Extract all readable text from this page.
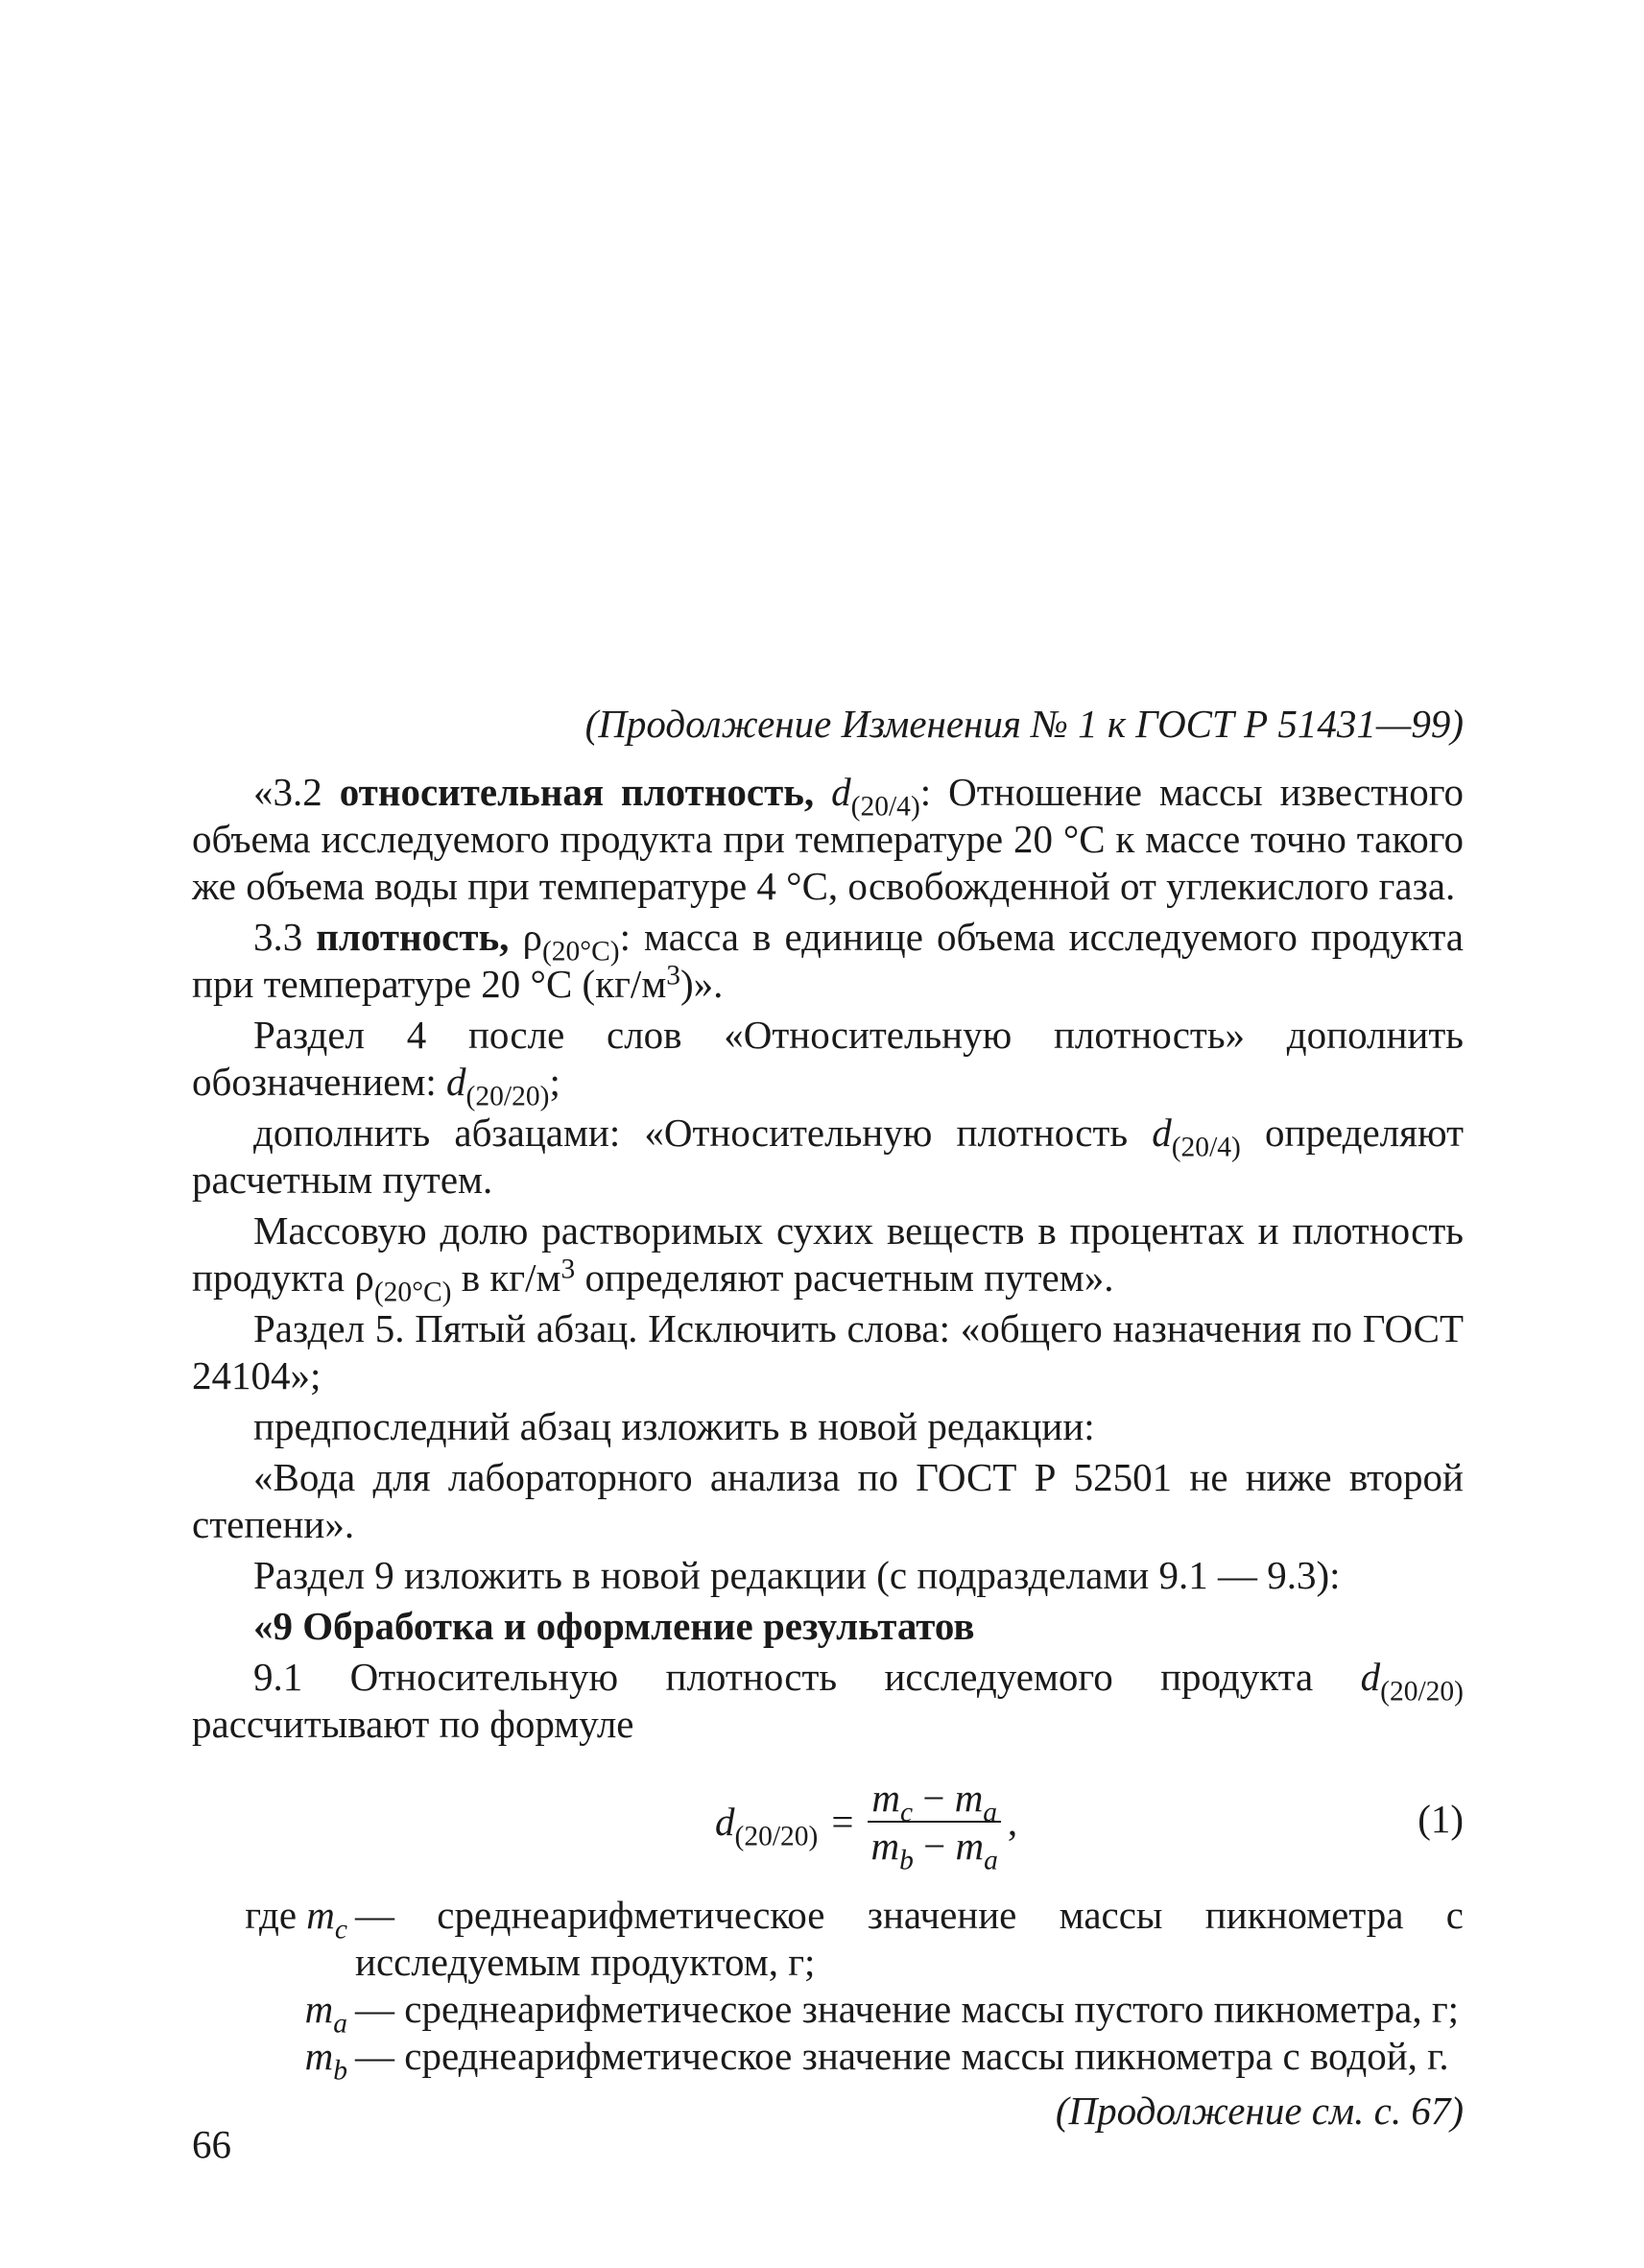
(Продолжение Изменения № 1 к ГОСТ Р 51431—99)

«3.2 относительная плотность, $d_{(20/4)}$: Отношение массы известного объема исследуемого продукта при температуре 20 °С к массе точно такого же объема воды при температуре 4 °С, освобожденной от углекислого газа.

3.3 плотность, $\rho_{(20^\circ С)}$: масса в единице объема исследуемого продукта при температуре 20 °С $(кг/м^3)$».

Раздел 4 после слов «Относительную плотность» дополнить обозначением: $d_{(20/20)}$;

дополнить абзацами: «Относительную плотность $d_{(20/4)}$ определяют расчетным путем.

Массовую долю растворимых сухих веществ в процентах и плотность продукта $\rho_{(20^\circ С)}$ в $кг/м^3$ определяют расчетным путем».

Раздел 5. Пятый абзац. Исключить слова: «общего назначения по ГОСТ 24104»;

предпоследний абзац изложить в новой редакции:

«Вода для лабораторного анализа по ГОСТ Р 52501 не ниже второй степени».

Раздел 9 изложить в новой редакции (с подразделами 9.1 — 9.3):

«9 Обработка и оформление результатов

9.1 Относительную плотность исследуемого продукта $d_{(20/20)}$ рассчитывают по формуле

$d_{(20/20)} = \frac{m_c - m_a}{m_b - m_a}$ ,	(1)
где $m_c$ — среднеарифметическое значение массы пикнометра с исследуемым продуктом, г;
$m_a$ — среднеарифметическое значение массы пустого пикнометра, г;
$m_b$ — среднеарифметическое значение массы пикнометра с водой, г.
(Продолжение см. с. 67)
66
